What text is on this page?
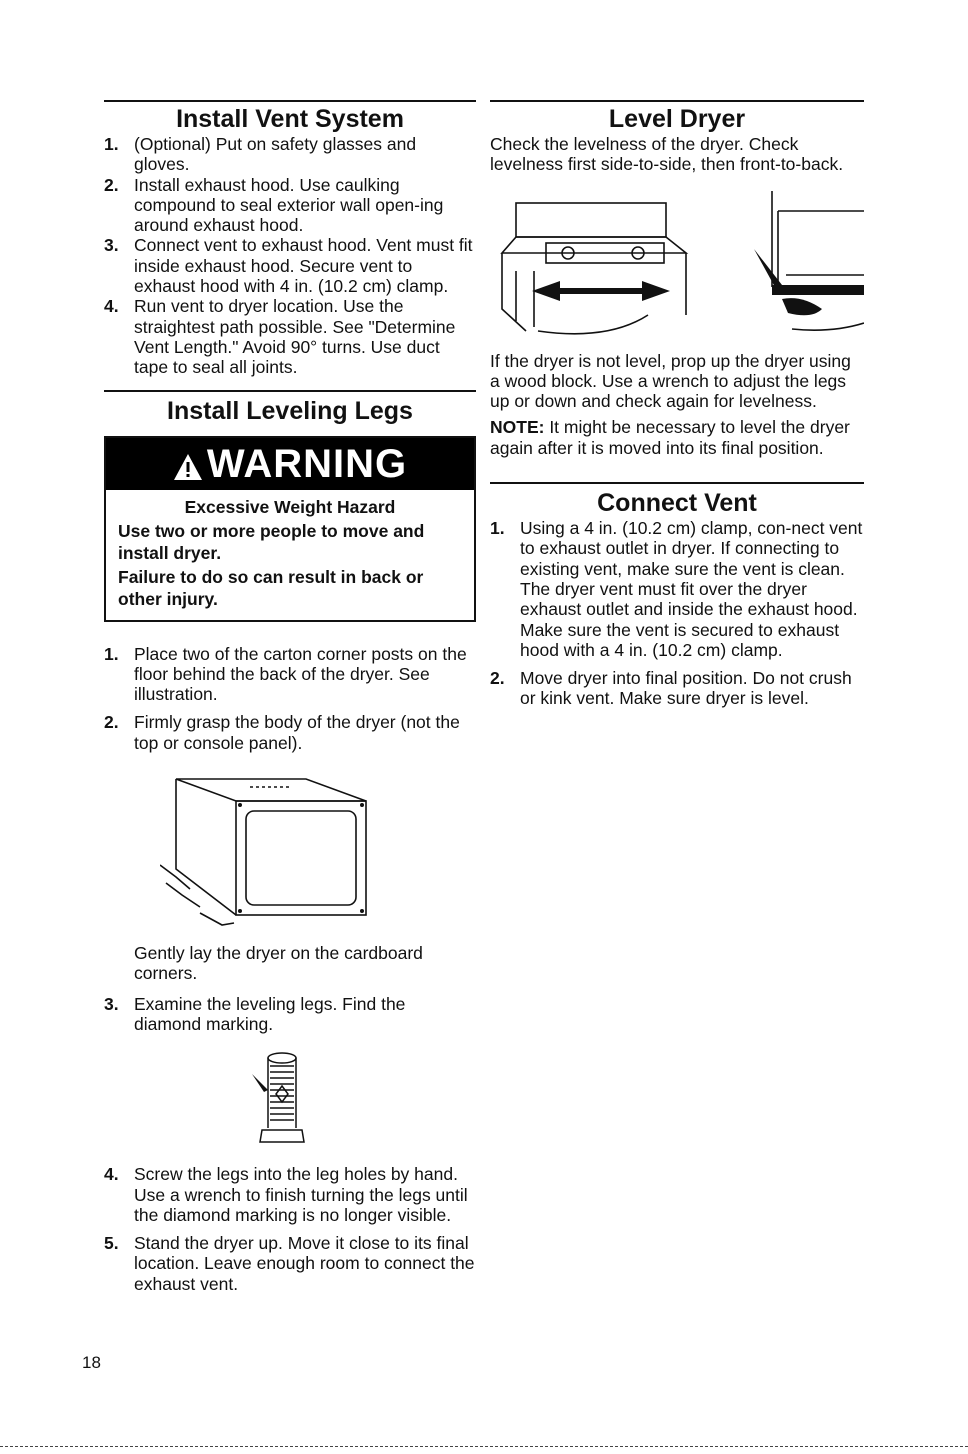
Install Vent System
1. (Optional) Put on safety glasses and gloves.
2. Install exhaust hood. Use caulking compound to seal exterior wall open-ing around exhaust hood.
3. Connect vent to exhaust hood. Vent must fit inside exhaust hood. Secure vent to exhaust hood with 4 in. (10.2 cm) clamp.
4. Run vent to dryer location. Use the straightest path possible. See "Determine Vent Length." Avoid 90° turns. Use duct tape to seal all joints.
Install Leveling Legs
WARNING
Excessive Weight Hazard
Use two or more people to move and install dryer.
Failure to do so can result in back or other injury.
1. Place two of the carton corner posts on the floor behind the back of the dryer. See illustration.
2. Firmly grasp the body of the dryer (not the top or console panel).

Gently lay the dryer on the cardboard corners.

3. Examine the leveling legs. Find the diamond marking.
4. Screw the legs into the leg holes by hand. Use a wrench to finish turning the legs until the diamond marking is no longer visible.
5. Stand the dryer up. Move it close to its final location. Leave enough room to connect the exhaust vent.
Level Dryer

Check the levelness of the dryer. Check levelness first side-to-side, then front-to-back.

If the dryer is not level, prop up the dryer using a wood block. Use a wrench to adjust the legs up or down and check again for levelness.

NOTE: It might be necessary to level the dryer again after it is moved into its final position.

Connect Vent
1. Using a 4 in. (10.2 cm) clamp, con-nect vent to exhaust outlet in dryer. If connecting to existing vent, make sure the vent is clean. The dryer vent must fit over the dryer exhaust outlet and inside the exhaust hood. Make sure the vent is secured to exhaust hood with a 4 in. (10.2 cm) clamp.
2. Move dryer into final position. Do not crush or kink vent. Make sure dryer is level.
18
